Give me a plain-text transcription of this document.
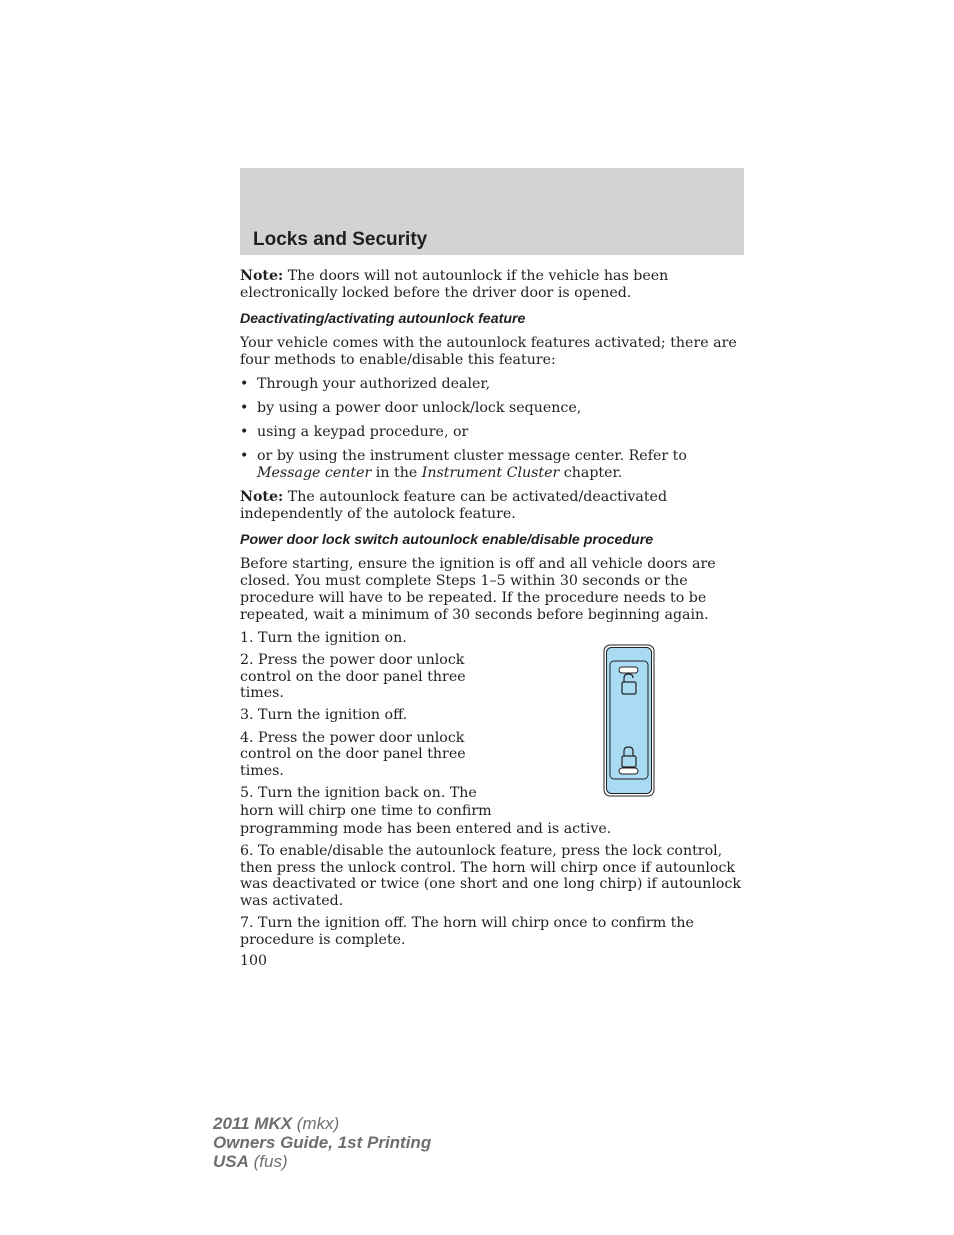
Locks and Security

Note: The doors will not autounlock if the vehicle has been electronically locked before the driver door is opened.

Deactivating/activating autounlock feature

Your vehicle comes with the autounlock features activated; there are four methods to enable/disable this feature:

• Through your authorized dealer,
• by using a power door unlock/lock sequence,
• using a keypad procedure, or
• or by using the instrument cluster message center. Refer to Message center in the Instrument Cluster chapter.

Note: The autounlock feature can be activated/deactivated independently of the autolock feature.

Power door lock switch autounlock enable/disable procedure

Before starting, ensure the ignition is off and all vehicle doors are closed. You must complete Steps 1–5 within 30 seconds or the procedure will have to be repeated. If the procedure needs to be repeated, wait a minimum of 30 seconds before beginning again.

1. Turn the ignition on.

2. Press the power door unlock
control on the door panel three
times.

3. Turn the ignition off.

4. Press the power door unlock
control on the door panel three
times.

5. Turn the ignition back on. The
horn will chirp one time to confirm
programming mode has been entered and is active.

6. To enable/disable the autounlock feature, press the lock control, then press the unlock control. The horn will chirp once if autounlock was deactivated or twice (one short and one long chirp) if autounlock was activated.

7. Turn the ignition off. The horn will chirp once to confirm the procedure is complete.

100
2011 MKX (mkx)
Owners Guide, 1st Printing
USA (fus)
